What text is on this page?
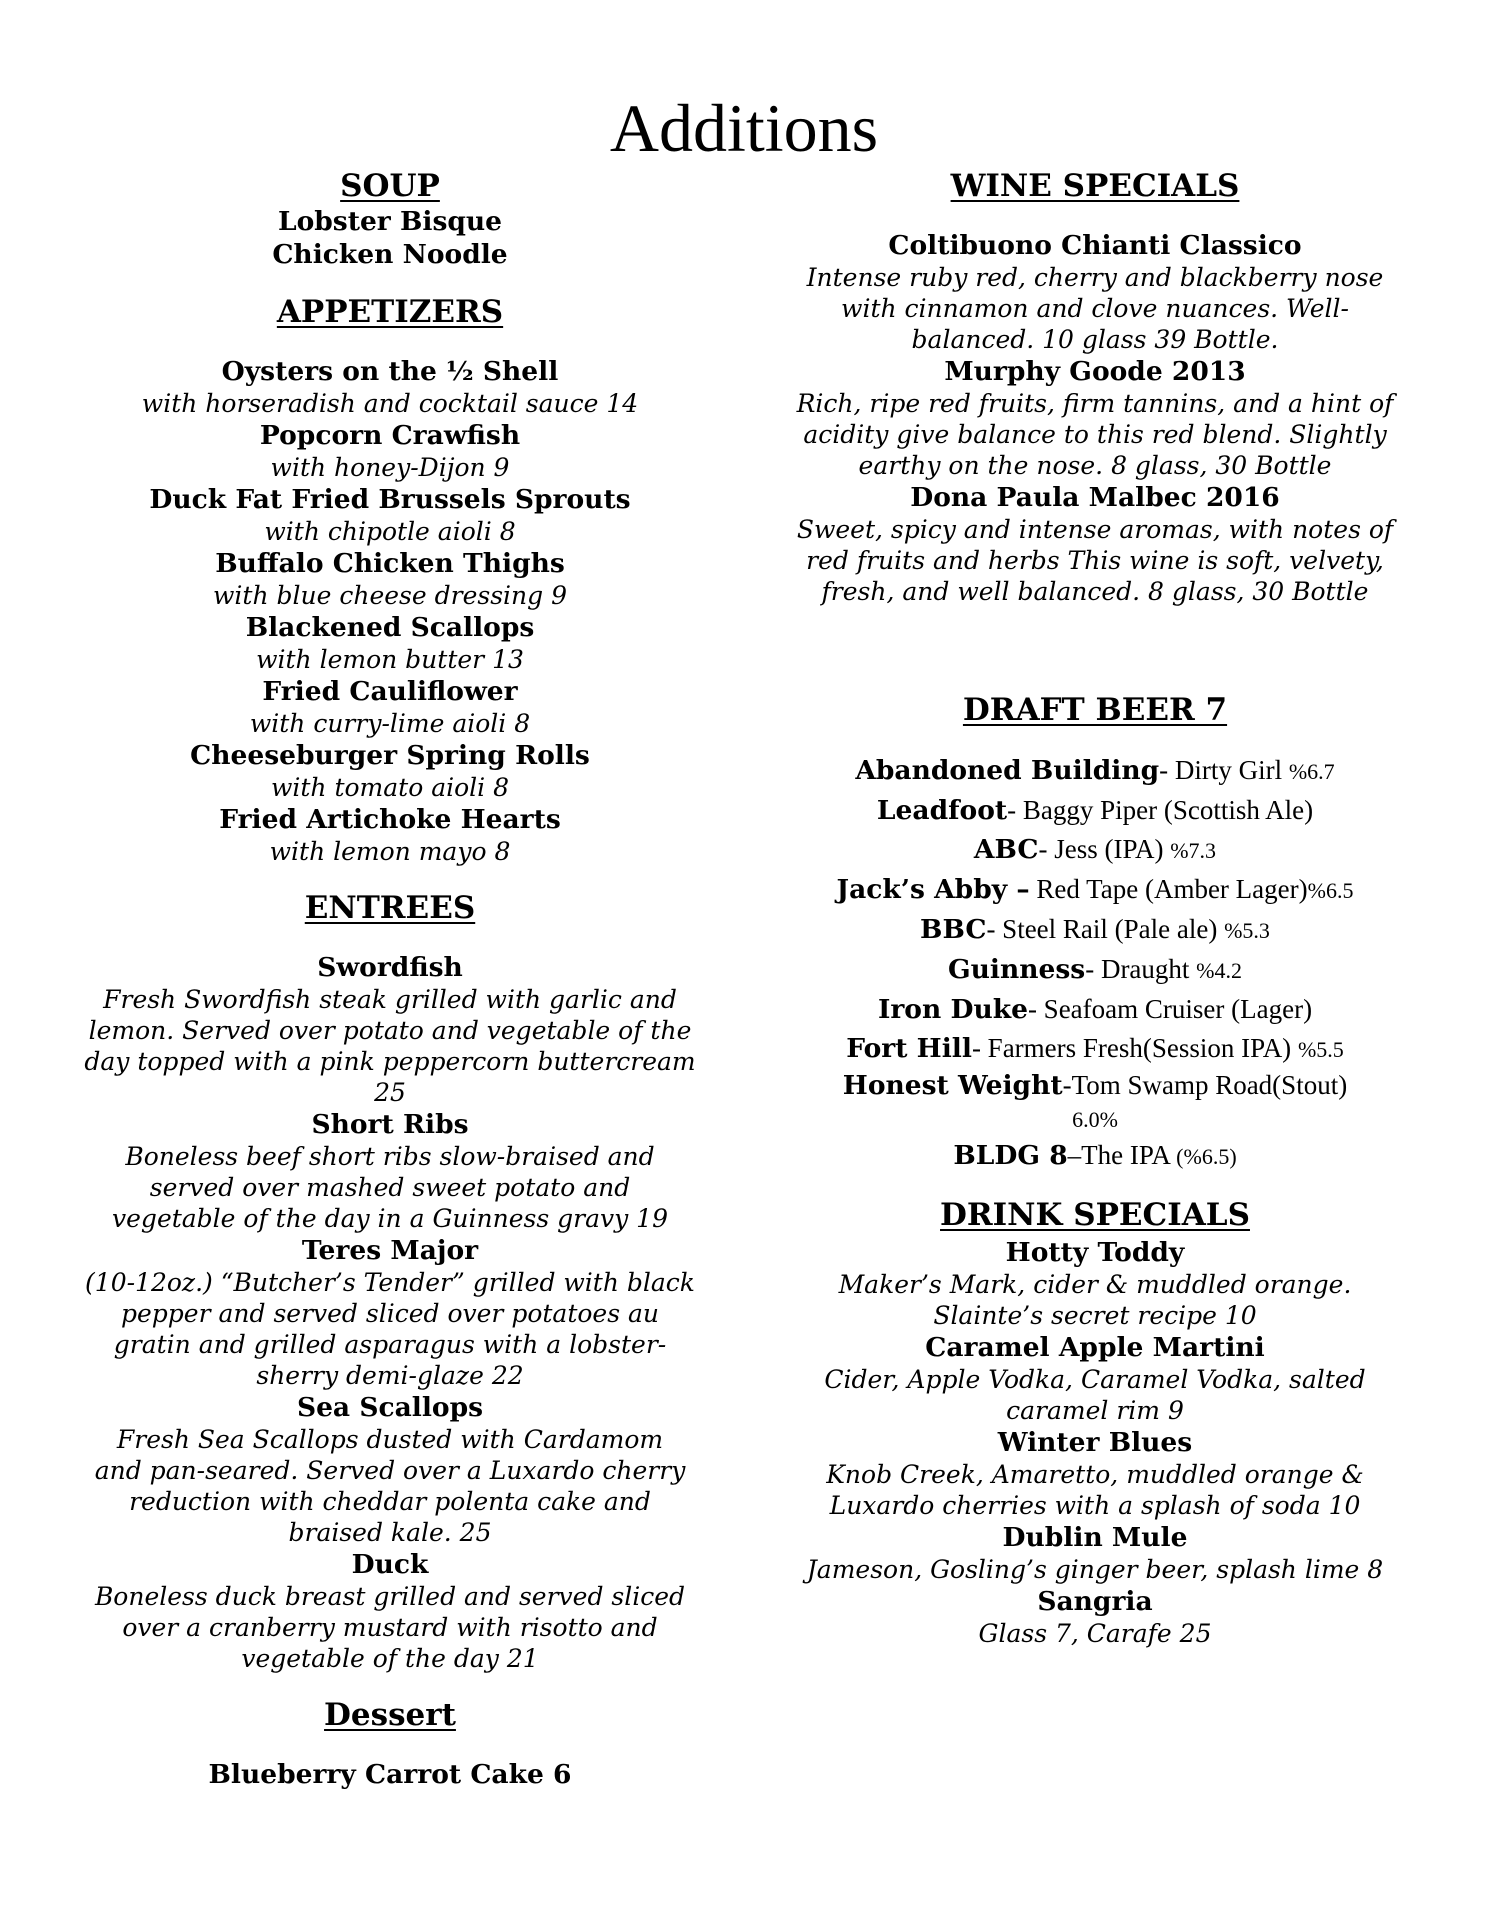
Additions
SOUP
Lobster Bisque
Chicken Noodle
APPETIZERS
Oysters on the ½ Shell
with horseradish and cocktail sauce 14
Popcorn Crawfish
with honey-Dijon 9
Duck Fat Fried Brussels Sprouts
with chipotle aioli 8
Buffalo Chicken Thighs
with blue cheese dressing 9
Blackened Scallops
with lemon butter 13
Fried Cauliflower
with curry-lime aioli 8
Cheeseburger Spring Rolls
with tomato aioli 8
Fried Artichoke Hearts
with lemon mayo 8
ENTREES
Swordfish
Fresh Swordfish steak grilled with garlic and
lemon. Served over potato and vegetable of the
day topped with a pink peppercorn buttercream
25
Short Ribs
Boneless beef short ribs slow-braised and
served over mashed sweet potato and
vegetable of the day in a Guinness gravy 19
Teres Major
(10-12oz.) “Butcher’s Tender” grilled with black
pepper and served sliced over potatoes au
gratin and grilled asparagus with a lobster-
sherry demi-glaze 22
Sea Scallops
Fresh Sea Scallops dusted with Cardamom
and pan-seared. Served over a Luxardo cherry
reduction with cheddar polenta cake and
braised kale. 25
Duck
Boneless duck breast grilled and served sliced
over a cranberry mustard with risotto and
vegetable of the day 21
Dessert
Blueberry Carrot Cake 6
WINE SPECIALS
Coltibuono Chianti Classico
Intense ruby red, cherry and blackberry nose
with cinnamon and clove nuances. Well-
balanced. 10 glass 39 Bottle.
Murphy Goode 2013
Rich, ripe red fruits, firm tannins, and a hint of
acidity give balance to this red blend. Slightly
earthy on the nose. 8 glass, 30 Bottle
Dona Paula Malbec 2016
Sweet, spicy and intense aromas, with notes of
red fruits and herbs This wine is soft, velvety,
fresh, and well balanced. 8 glass, 30 Bottle
DRAFT BEER 7
Abandoned Building- Dirty Girl %6.7
Leadfoot- Baggy Piper (Scottish Ale)
ABC- Jess (IPA) %7.3
Jack’s Abby – Red Tape (Amber Lager)%6.5
BBC- Steel Rail (Pale ale) %5.3
Guinness- Draught %4.2
Iron Duke- Seafoam Cruiser (Lager)
Fort Hill- Farmers Fresh(Session IPA) %5.5
Honest Weight-Tom Swamp Road(Stout)
6.0%
BLDG 8–The IPA (%6.5)
DRINK SPECIALS
Hotty Toddy
Maker’s Mark, cider & muddled orange.
Slainte’s secret recipe 10
Caramel Apple Martini
Cider, Apple Vodka, Caramel Vodka, salted
caramel rim 9
Winter Blues
Knob Creek, Amaretto, muddled orange &
Luxardo cherries with a splash of soda 10
Dublin Mule
Jameson, Gosling’s ginger beer, splash lime 8
Sangria
Glass 7, Carafe 25
